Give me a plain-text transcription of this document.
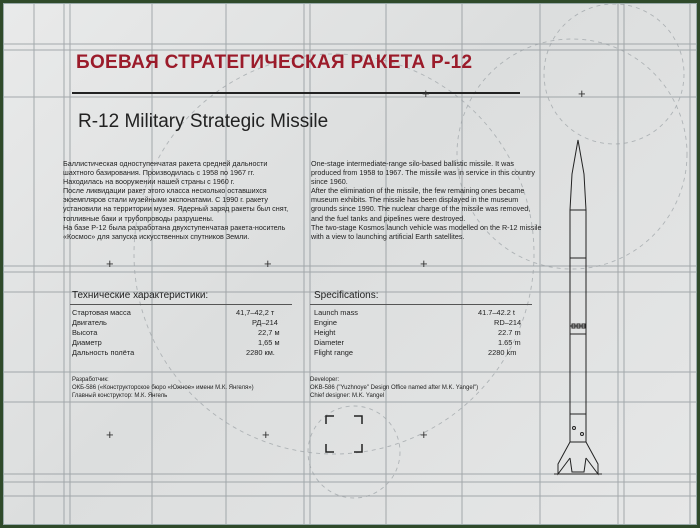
БОЕВАЯ СТРАТЕГИЧЕСКАЯ РАКЕТА Р-12
R-12 Military Strategic Missile
Баллистическая одноступенчатая ракета средней дальности шахтного базирования. Производилась с 1958 по 1967 гг.
Находилась на вооружении нашей страны с 1960 г.
После ликвидации ракет этого класса несколько оставшихся экземпляров стали музейными экспонатами. С 1990 г. ракету установили на территории музея. Ядерный заряд ракеты был снят, топливные баки и трубопроводы разрушены.
На базе Р-12 была разработана двухступенчатая ракета-носитель «Космос» для запуска искусственных спутников Земли.
One-stage intermediate-range silo-based ballistic missile. It was produced from 1958 to 1967. The missile was in service in this country since 1960.
After the elimination of the missile, the few remaining ones became museum exhibits. The missile has been displayed in the museum grounds since 1990. The nuclear charge of the missile was removed, and the fuel tanks and pipelines were destroyed.
The two-stage Kosmos launch vehicle was modelled on the R-12 missile with a view to launching artificial Earth satellites.
+	+	+
+	+	+
+	+
Технические характеристики:
Стартовая масса	41,7–42,2 т
Двигатель	РД–214
Высота	22,7 м
Диаметр	1,65 м
Дальность полёта	2280 км.
Specifications:
Launch mass	41.7–42.2 t
Engine	RD–214
Height	22.7 m
Diameter	1.65 m
Flight range	2280 km
Разработчик:
ОКБ-586 («Конструкторское бюро «Южное» имени М.К. Янгеля»)
Главный конструктор: М.К. Янгель
Developer:
OKB-586 ("Yuzhnoye" Design Office named after M.K. Yangel")
Chief designer: M.K. Yangel
